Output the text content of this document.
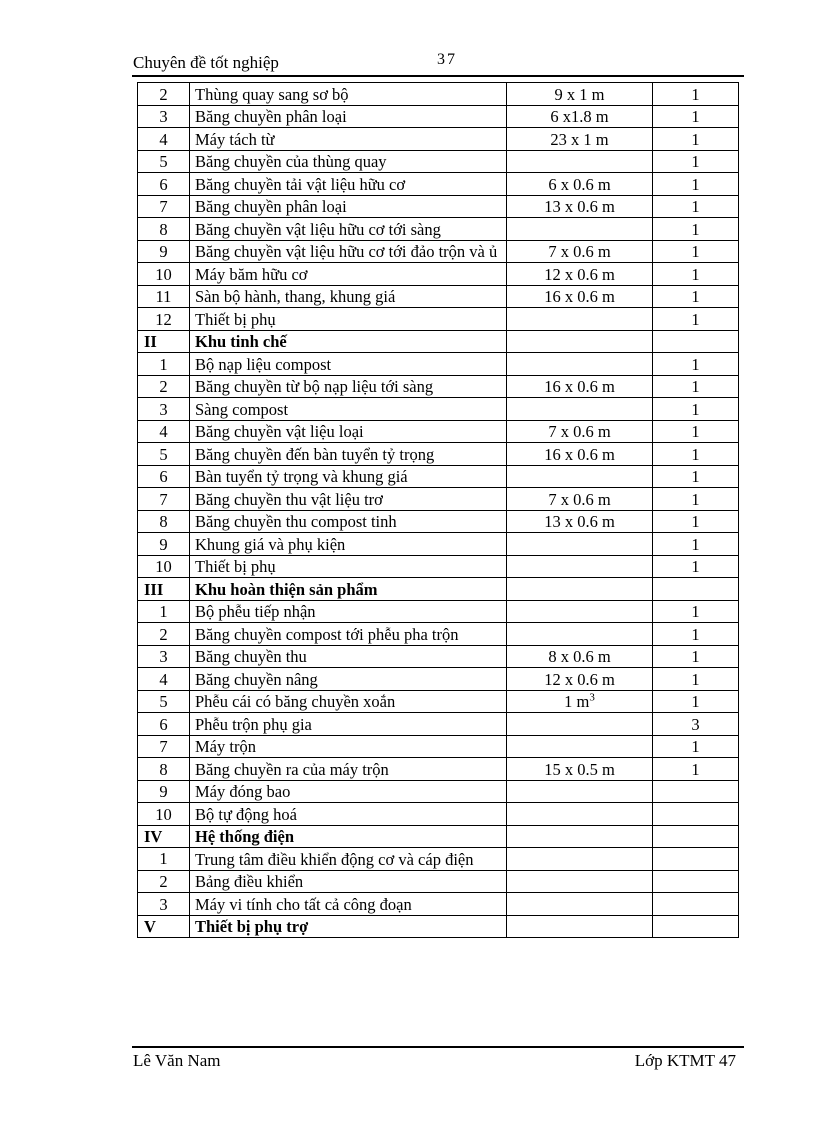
Chuyên đề tốt nghiệp	37
2	Thùng quay sang sơ bộ	9 x 1 m	1
3	Băng chuyền phân loại	6 x1.8 m	1
4	Máy tách từ	23 x 1 m	1
5	Băng chuyền của thùng quay		1
6	Băng chuyền tải vật liệu hữu cơ	6 x 0.6 m	1
7	Băng chuyền phân loại	13 x 0.6 m	1
8	Băng chuyền vật liệu hữu cơ tới sàng		1
9	Băng chuyền vật liệu hữu cơ tới đảo trộn và ủ	7 x 0.6 m	1
10	Máy băm hữu cơ	12 x 0.6 m	1
11	Sàn bộ hành, thang, khung giá	16 x 0.6 m	1
12	Thiết bị phụ		1
II	Khu tinh chế		
1	Bộ nạp liệu compost		1
2	Băng chuyền từ bộ nạp liệu tới sàng	16 x 0.6 m	1
3	Sàng compost		1
4	Băng chuyền vật liệu loại	7 x 0.6 m	1
5	Băng chuyền đến bàn tuyển tỷ trọng	16 x 0.6 m	1
6	Bàn tuyển tỷ trọng và khung giá		1
7	Băng chuyền thu vật liệu trơ	7 x 0.6 m	1
8	Băng chuyền thu compost tinh	13 x 0.6 m	1
9	Khung giá và phụ kiện		1
10	Thiết bị phụ		1
III	Khu hoàn thiện sản phẩm		
1	Bộ phễu tiếp nhận		1
2	Băng chuyền compost tới phễu pha trộn		1
3	Băng chuyền thu	8 x 0.6 m	1
4	Băng chuyền nâng	12 x 0.6 m	1
5	Phễu cái có băng chuyền xoắn	1 $m^3$	1
6	Phễu trộn phụ gia		3
7	Máy trộn		1
8	Băng chuyền ra của máy trộn	15 x 0.5 m	1
9	Máy đóng bao		
10	Bộ tự động hoá		
IV	Hệ thống điện		
1	Trung tâm điều khiển động cơ và cáp điện		
2	Bảng điều khiển		
3	Máy vi tính cho tất cả công đoạn		
V	Thiết bị phụ trợ		
Lê Văn Nam	Lớp KTMT 47
